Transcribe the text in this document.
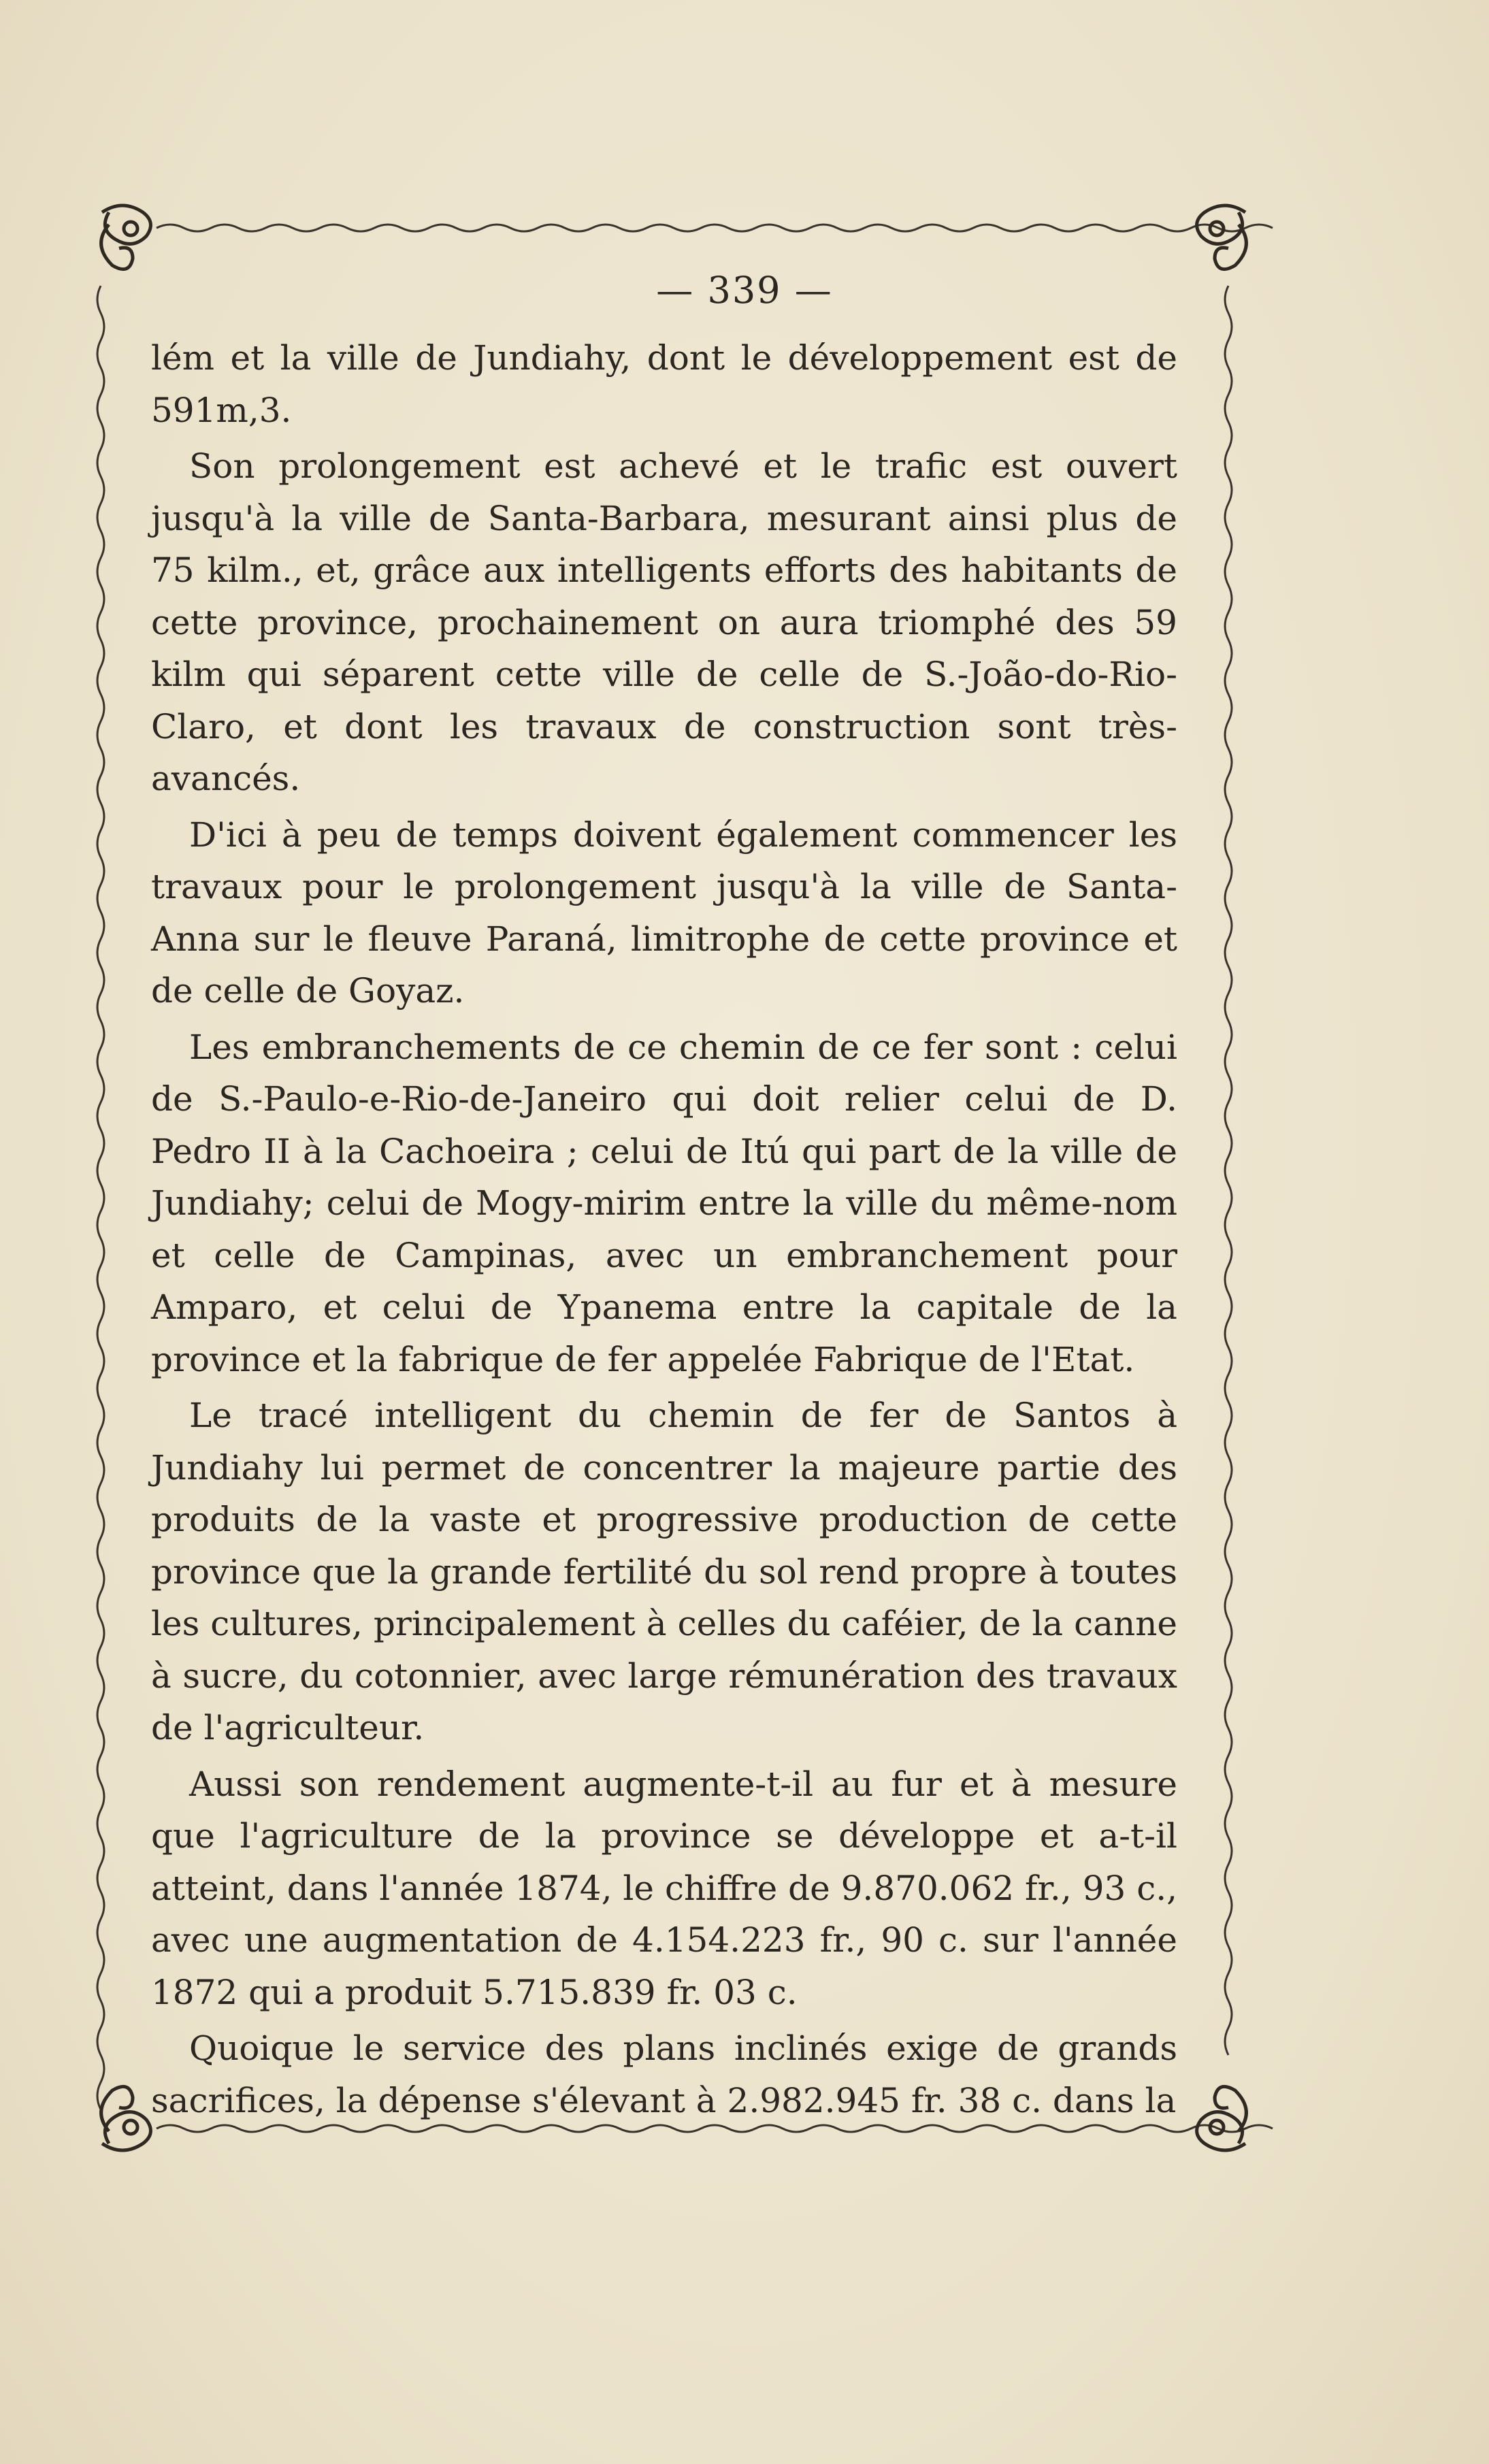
— 339 —

lém et la ville de Jundiahy, dont le développement est de 591m,3.

Son prolongement est achevé et le trafic est ouvert jusqu'à la ville de Santa-Barbara, mesurant ainsi plus de 75 kilm., et, grâce aux intelligents efforts des habitants de cette province, prochainement on aura triomphé des 59 kilm qui séparent cette ville de celle de S.-João-do-Rio-Claro, et dont les travaux de construction sont très-avancés.

D'ici à peu de temps doivent également commencer les travaux pour le prolongement jusqu'à la ville de Santa-Anna sur le fleuve Paraná, limitrophe de cette province et de celle de Goyaz.

Les embranchements de ce chemin de ce fer sont : celui de S.-Paulo-e-Rio-de-Janeiro qui doit relier celui de D. Pedro II à la Cachoeira ; celui de Itú qui part de la ville de Jundiahy; celui de Mogy-mirim entre la ville du même-nom et celle de Campinas, avec un embranchement pour Amparo, et celui de Ypanema entre la capitale de la province et la fabrique de fer appelée Fabrique de l'Etat.

Le tracé intelligent du chemin de fer de Santos à Jundiahy lui permet de concentrer la majeure partie des produits de la vaste et progressive production de cette province que la grande fertilité du sol rend propre à toutes les cultures, principalement à celles du caféier, de la canne à sucre, du cotonnier, avec large rémunération des travaux de l'agriculteur.

Aussi son rendement augmente-t-il au fur et à mesure que l'agriculture de la province se développe et a-t-il atteint, dans l'année 1874, le chiffre de 9.870.062 fr., 93 c., avec une augmentation de 4.154.223 fr., 90 c. sur l'année 1872 qui a produit 5.715.839 fr. 03 c.

Quoique le service des plans inclinés exige de grands sacrifices, la dépense s'élevant à 2.982.945 fr. 38 c. dans la
